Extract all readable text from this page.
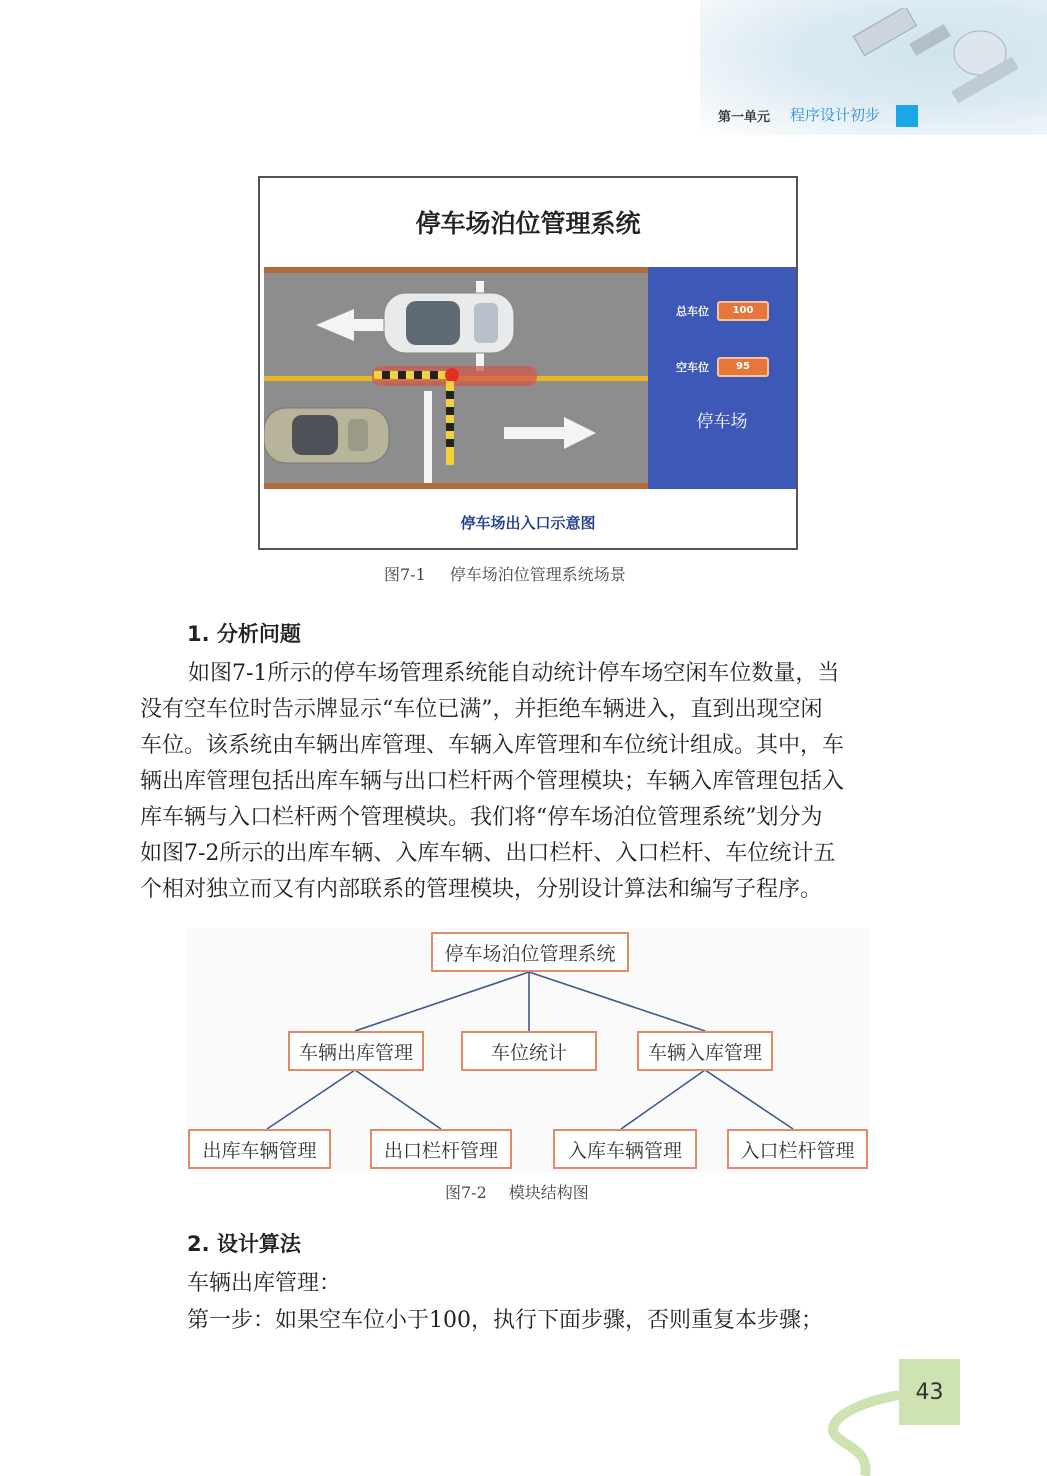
第一单元 程序设计初步
停车场泊位管理系统
总车位	100
空车位	95
停车场
停车场出入口示意图
图7-1 停车场泊位管理系统场景
1. 分析问题
如图7-1所示的停车场管理系统能自动统计停车场空闲车位数量，当
没有空车位时告示牌显示“车位已满”，并拒绝车辆进入，直到出现空闲
车位。该系统由车辆出库管理、车辆入库管理和车位统计组成。其中，车
辆出库管理包括出库车辆与出口栏杆两个管理模块；车辆入库管理包括入
库车辆与入口栏杆两个管理模块。我们将“停车场泊位管理系统”划分为
如图7-2所示的出库车辆、入库车辆、出口栏杆、入口栏杆、车位统计五
个相对独立而又有内部联系的管理模块，分别设计算法和编写子程序。
停车场泊位管理系统
车辆出库管理	车位统计	车辆入库管理
出库车辆管理	出口栏杆管理	入库车辆管理	入口栏杆管理
图7-2 模块结构图
2. 设计算法
车辆出库管理：
第一步：如果空车位小于100，执行下面步骤，否则重复本步骤；
43
